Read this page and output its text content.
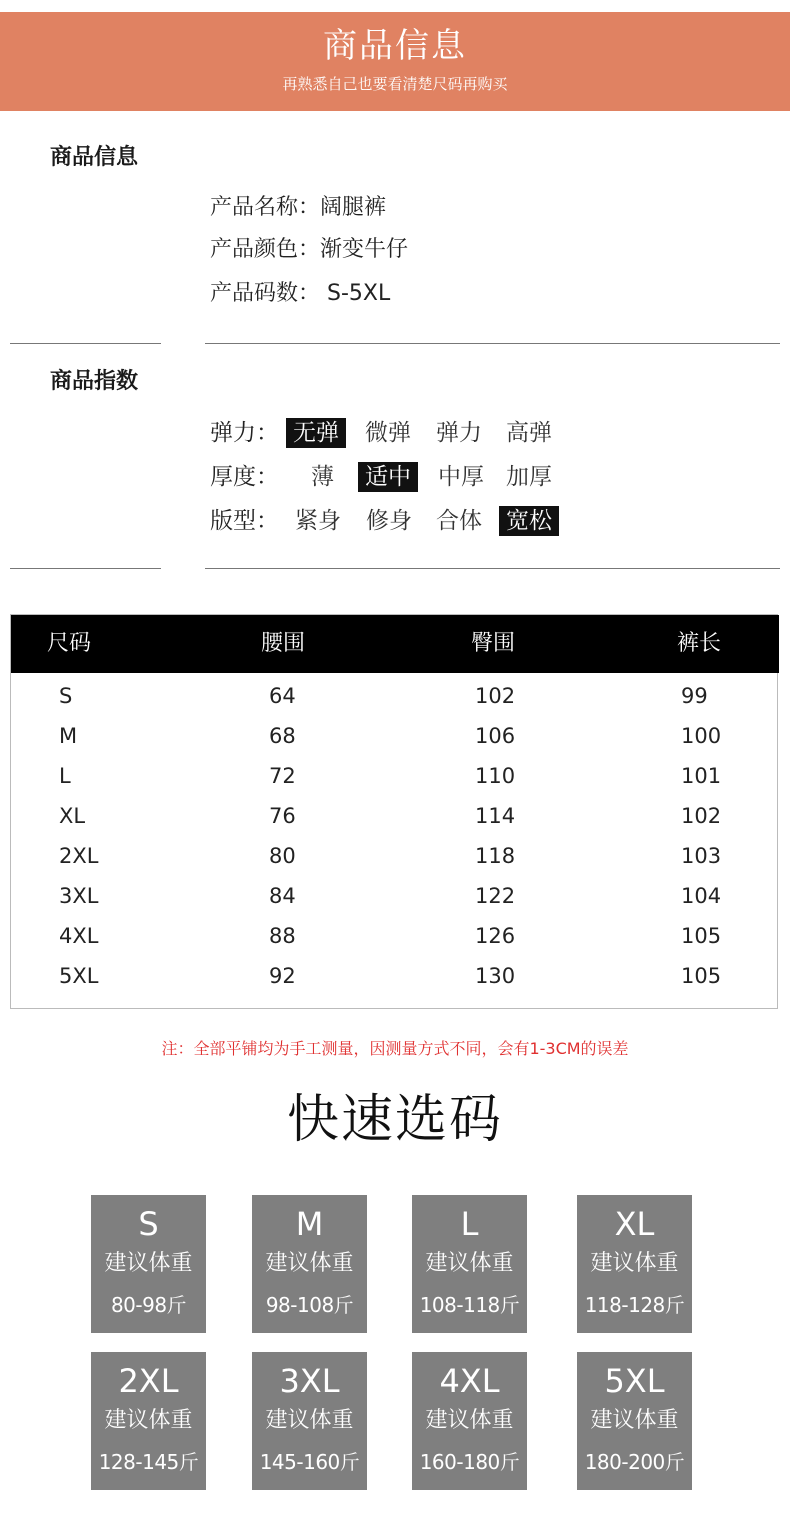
商品信息
再熟悉自己也要看清楚尺码再购买
商品信息
产品名称：阔腿裤
产品颜色：渐变牛仔
产品码数： S-5XL
商品指数
弹力： 无弹	微弹	弹力	高弹
厚度：	薄	适中	中厚 加厚
版型： 紧身	修身	合体	宽松
尺码	腰围	臀围	裤长
S	64	102	99
M	68	106	100
L	72	110	101
XL	76	114	102
2XL	80	118	103
3XL	84	122	104
4XL	88	126	105
5XL	92	130	105
注：全部平铺均为手工测量，因测量方式不同，会有1-3CM的误差
快速选码
S
建议体重
80-98斤
M
建议体重
98-108斤
L
建议体重
108-118斤
XL
建议体重
118-128斤
2XL
建议体重
128-145斤
3XL
建议体重
145-160斤
4XL
建议体重
160-180斤
5XL
建议体重
180-200斤
